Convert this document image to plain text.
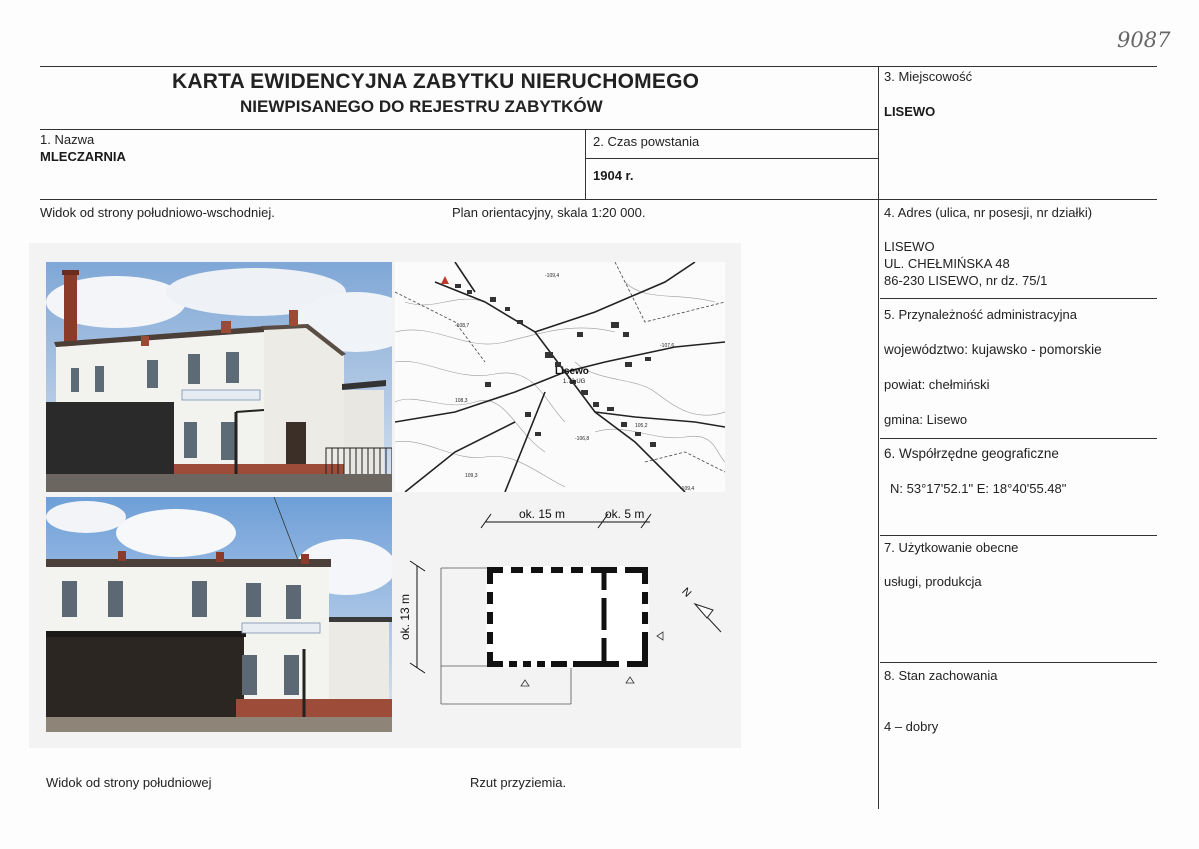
9087
KARTA EWIDENCYJNA ZABYTKU NIERUCHOMEGO
NIEWPISANEGO DO REJESTRU ZABYTKÓW
1. Nazwa
MLECZARNIA
2. Czas powstania
1904 r.
3. Miejscowość
LISEWO
4. Adres (ulica, nr posesji, nr działki)
LISEWO
UL. CHEŁMIŃSKA 48
86-230 LISEWO, nr dz. 75/1
5. Przynależność administracyjna
województwo: kujawsko - pomorskie
powiat: chełmiński
gmina: Lisewo
6. Współrzędne geograficzne
N: 53°17'52.1" E: 18°40'55.48"
7. Użytkowanie obecne
usługi, produkcja
8. Stan zachowania
4 – dobry
Widok od strony południowo-wschodniej.	Plan orientacyjny, skala 1:20 000.
Widok od strony południowej	Rzut przyziemia.
Lisewo
1.73 UG
-109,4
-107,6
108,3
-106,8
105,2
-109,4
-108,7
109,3
ok. 15 m	ok. 5 m
ok. 13 m
N
